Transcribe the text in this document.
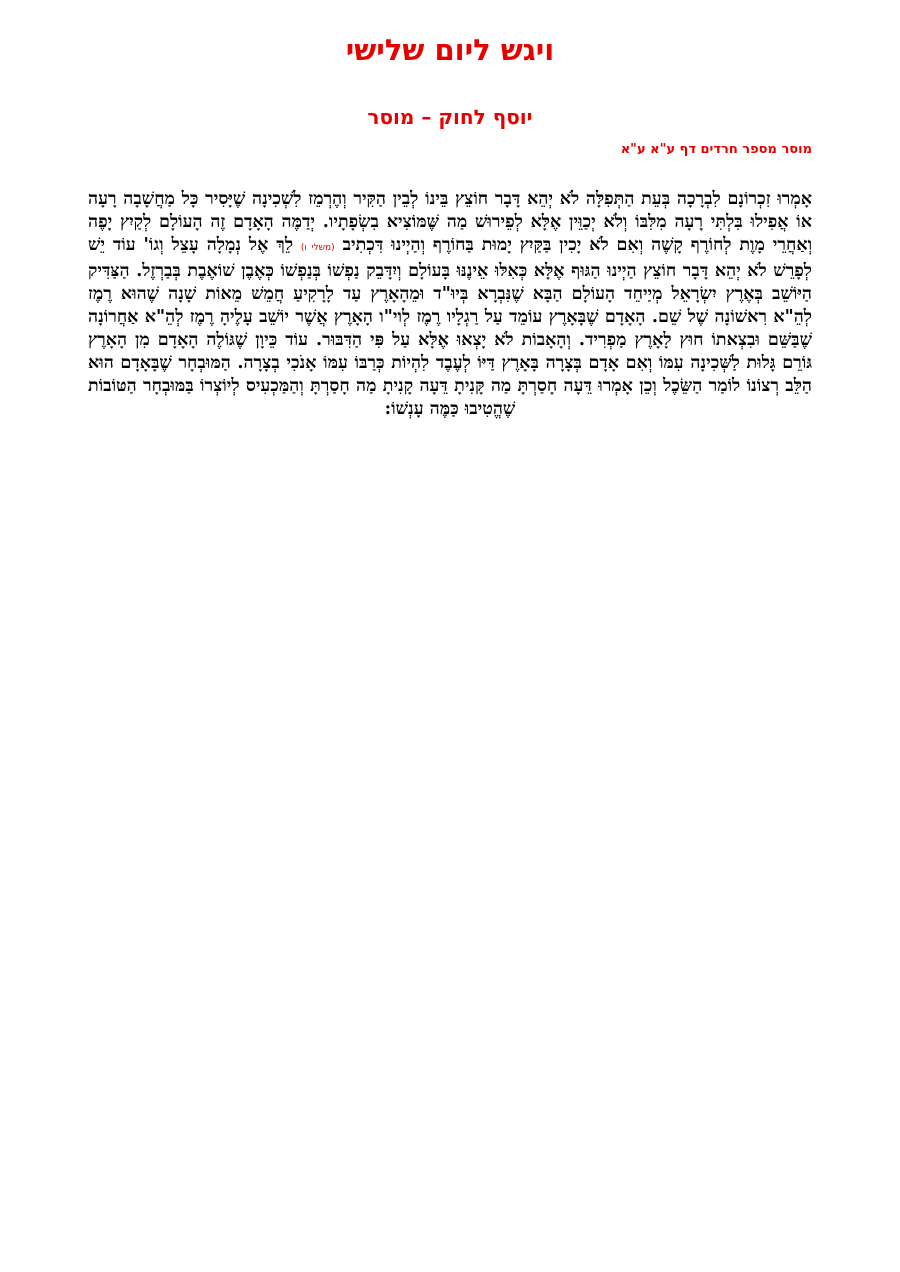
ויגש ליום שלישי
יוסף לחוק – מוסר

מוסר מספר חרדים דף ע"א ע"א

אָמְרוּ זִכְרוֹנָם לִבְרָכָה בְּעֵת הַתְּפִלָּה לֹא יְהֵא דָּבָר חוֹצֵץ בֵּינוֹ לְבֵין הַקִּיר וְהֶרְמֵז לִשְׁכִינָה שֶׁיָּסִיר כָּל מַחֲשָׁבָה רָעָה אוֹ אֲפִילוּ בִּלְתִּי רָעָה מִלִּבּוֹ וְלֹא יְכַוֵּין אֶלָּא לְפֵירוּשׁ מַה שֶּׁמּוֹצִיא בִשְׂפָתָיו. יְדַמֶּה הָאָדָם זֶה הָעוֹלָם לְקַיִץ יָפֶה וְאַחֲרֵי מָוֶת לְחוֹרֶף קָשֶׁה וְאִם לֹא יָכִין בַּקַּיִץ יָמוּת בַּחוֹרֶף וְהַיְינוּ דִּכְתִיב (משלי ו) לֵךְ אֶל נְמָלָה עָצֵל וְגוֹ' עוֹד יֵשׁ לְפָרֵשׁ לֹא יְהֵא דָּבָר חוֹצֵץ הַיְינוּ הַגּוּף אֶלָּא כְּאִלּוּ אֵינֶנּוּ בָּעוֹלָם וְיִדָּבֵק נַפְשׁוֹ בְּנַפְשׁוֹ כְּאֶבֶן שׁוֹאֶבֶת בְּבַרְזֶל. הַצַּדִּיק הַיּוֹשֵׁב בְּאֶרֶץ יִשְׂרָאֵל מְיַיחֵד הָעוֹלָם הַבָּא שֶׁנִּבְרָא בְּיוּ"ד וּמֵהָאָרֶץ עַד לָרָקִיעַ חֲמֵשׁ מֵאוֹת שָׁנָה שֶׁהוּא רֶמֶז לְהֵ"א רִאשׁוֹנָה שֶׁל שֵׁם. הָאָדָם שֶׁבָּאָרֶץ עוֹמֵד עַל רַגְלָיו רֶמֶז לְוי"ו הָאָרֶץ אֲשֶׁר יוֹשֵׁב עָלֶיהָ רֶמֶז לְהֵ"א אַחֲרוֹנָה שֶׁבַּשֵּׁם וּבִצְאתוֹ חוּץ לָאָרֶץ מַפְרִיד. וְהָאָבוֹת לֹא יָצְאוּ אֶלָּא עַל פִּי הַדִּבּוּר. עוֹד כֵּיוָן שֶׁגּוֹלֶה הָאָדָם מִן הָאָרֶץ גּוֹרֵם גָּלוּת לַשְּׁכִינָה עִמּוֹ וְאִם אָדָם בְּצָרָה בָּאָרֶץ דַּיּוֹ לְעֶבֶד לִהְיוֹת כְּרַבּוֹ עִמּוֹ אָנֹכִי בְצָרָה. הַמּוּבְחָר שֶׁבָּאָדָם הוּא הַלֵּב רְצוֹנוֹ לוֹמַר הַשֵּׂכֶל וְכֵן אָמְרוּ דֵּעָה חָסַרְתָּ מַה קָּנִיתָ דֵּעָה קָנִיתָ מַה חָסַרְתָּ וְהַמַּכְעִיס לְיוֹצְרוֹ בַּמּוּבְחָר הַטּוֹבוֹת שֶׁהֱטִיבוּ כַּמֶּה עָנְשׁוֹ:
